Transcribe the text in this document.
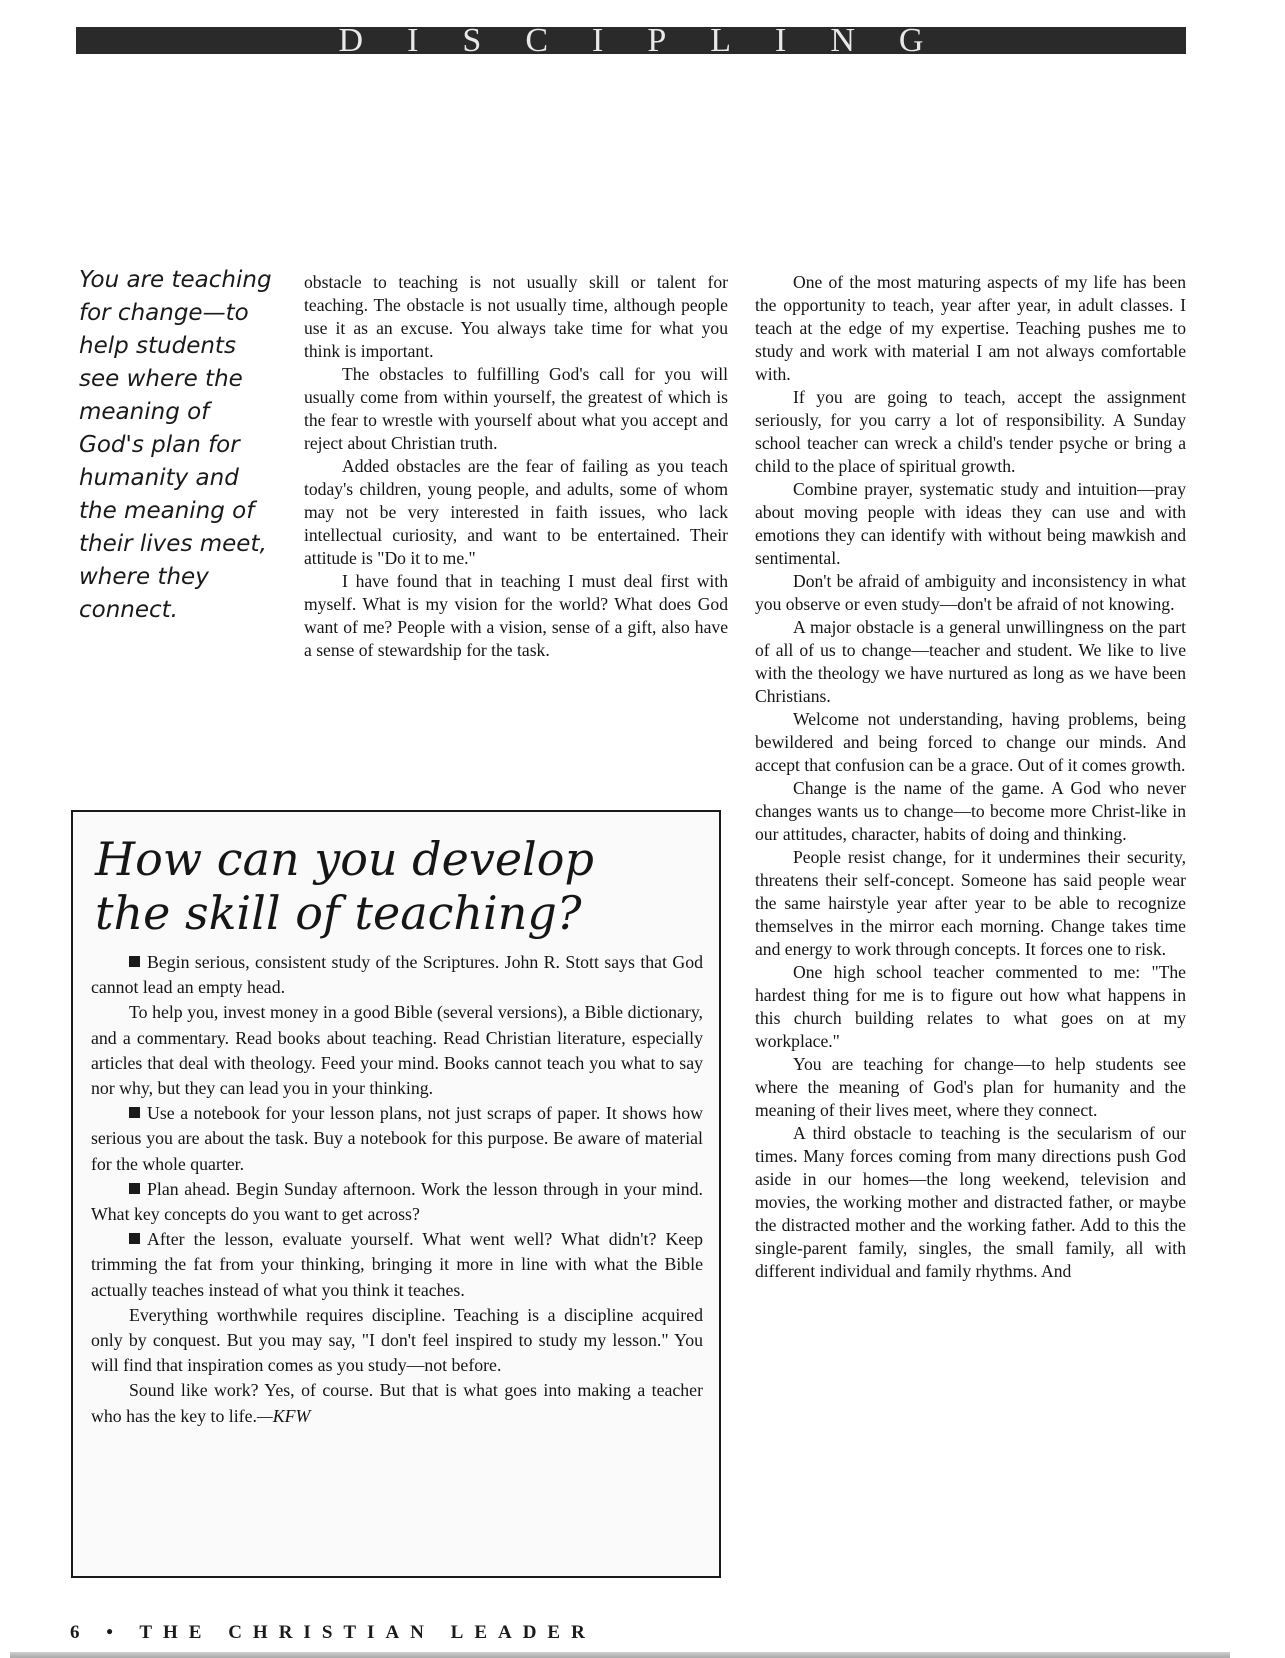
DISCIPLING
You are teaching for change—to help students see where the meaning of God's plan for humanity and the meaning of their lives meet, where they connect.

obstacle to teaching is not usually skill or talent for teaching. The obstacle is not usually time, although people use it as an excuse. You always take time for what you think is important.

The obstacles to fulfilling God's call for you will usually come from within yourself, the greatest of which is the fear to wrestle with yourself about what you accept and reject about Christian truth.

Added obstacles are the fear of failing as you teach today's children, young people, and adults, some of whom may not be very interested in faith issues, who lack intellectual curiosity, and want to be entertained. Their attitude is "Do it to me."

I have found that in teaching I must deal first with myself. What is my vision for the world? What does God want of me? People with a vision, sense of a gift, also have a sense of stewardship for the task.

One of the most maturing aspects of my life has been the opportunity to teach, year after year, in adult classes. I teach at the edge of my expertise. Teaching pushes me to study and work with material I am not always comfortable with.

If you are going to teach, accept the assignment seriously, for you carry a lot of responsibility. A Sunday school teacher can wreck a child's tender psyche or bring a child to the place of spiritual growth.

Combine prayer, systematic study and intuition—pray about moving people with ideas they can use and with emotions they can identify with without being mawkish and sentimental.

Don't be afraid of ambiguity and inconsistency in what you observe or even study—don't be afraid of not knowing.

A major obstacle is a general unwillingness on the part of all of us to change—teacher and student. We like to live with the theology we have nurtured as long as we have been Christians.

Welcome not understanding, having problems, being bewildered and being forced to change our minds. And accept that confusion can be a grace. Out of it comes growth.

Change is the name of the game. A God who never changes wants us to change—to become more Christ-like in our attitudes, character, habits of doing and thinking.

People resist change, for it undermines their security, threatens their self-concept. Someone has said people wear the same hairstyle year after year to be able to recognize themselves in the mirror each morning. Change takes time and energy to work through concepts. It forces one to risk.

One high school teacher commented to me: "The hardest thing for me is to figure out how what happens in this church building relates to what goes on at my workplace."

You are teaching for change—to help students see where the meaning of God's plan for humanity and the meaning of their lives meet, where they connect.

A third obstacle to teaching is the secularism of our times. Many forces coming from many directions push God aside in our homes—the long weekend, television and movies, the working mother and distracted father, or maybe the distracted mother and the working father. Add to this the single-parent family, singles, the small family, all with different individual and family rhythms. And

How can you develop
the skill of teaching?

Begin serious, consistent study of the Scriptures. John R. Stott says that God cannot lead an empty head.

To help you, invest money in a good Bible (several versions), a Bible dictionary, and a commentary. Read books about teaching. Read Christian literature, especially articles that deal with theology. Feed your mind. Books cannot teach you what to say nor why, but they can lead you in your thinking.

Use a notebook for your lesson plans, not just scraps of paper. It shows how serious you are about the task. Buy a notebook for this purpose. Be aware of material for the whole quarter.

Plan ahead. Begin Sunday afternoon. Work the lesson through in your mind. What key concepts do you want to get across?

After the lesson, evaluate yourself. What went well? What didn't? Keep trimming the fat from your thinking, bringing it more in line with what the Bible actually teaches instead of what you think it teaches.

Everything worthwhile requires discipline. Teaching is a discipline acquired only by conquest. But you may say, "I don't feel inspired to study my lesson." You will find that inspiration comes as you study—not before.

Sound like work? Yes, of course. But that is what goes into making a teacher who has the key to life.—KFW

6 • THE CHRISTIAN LEADER
